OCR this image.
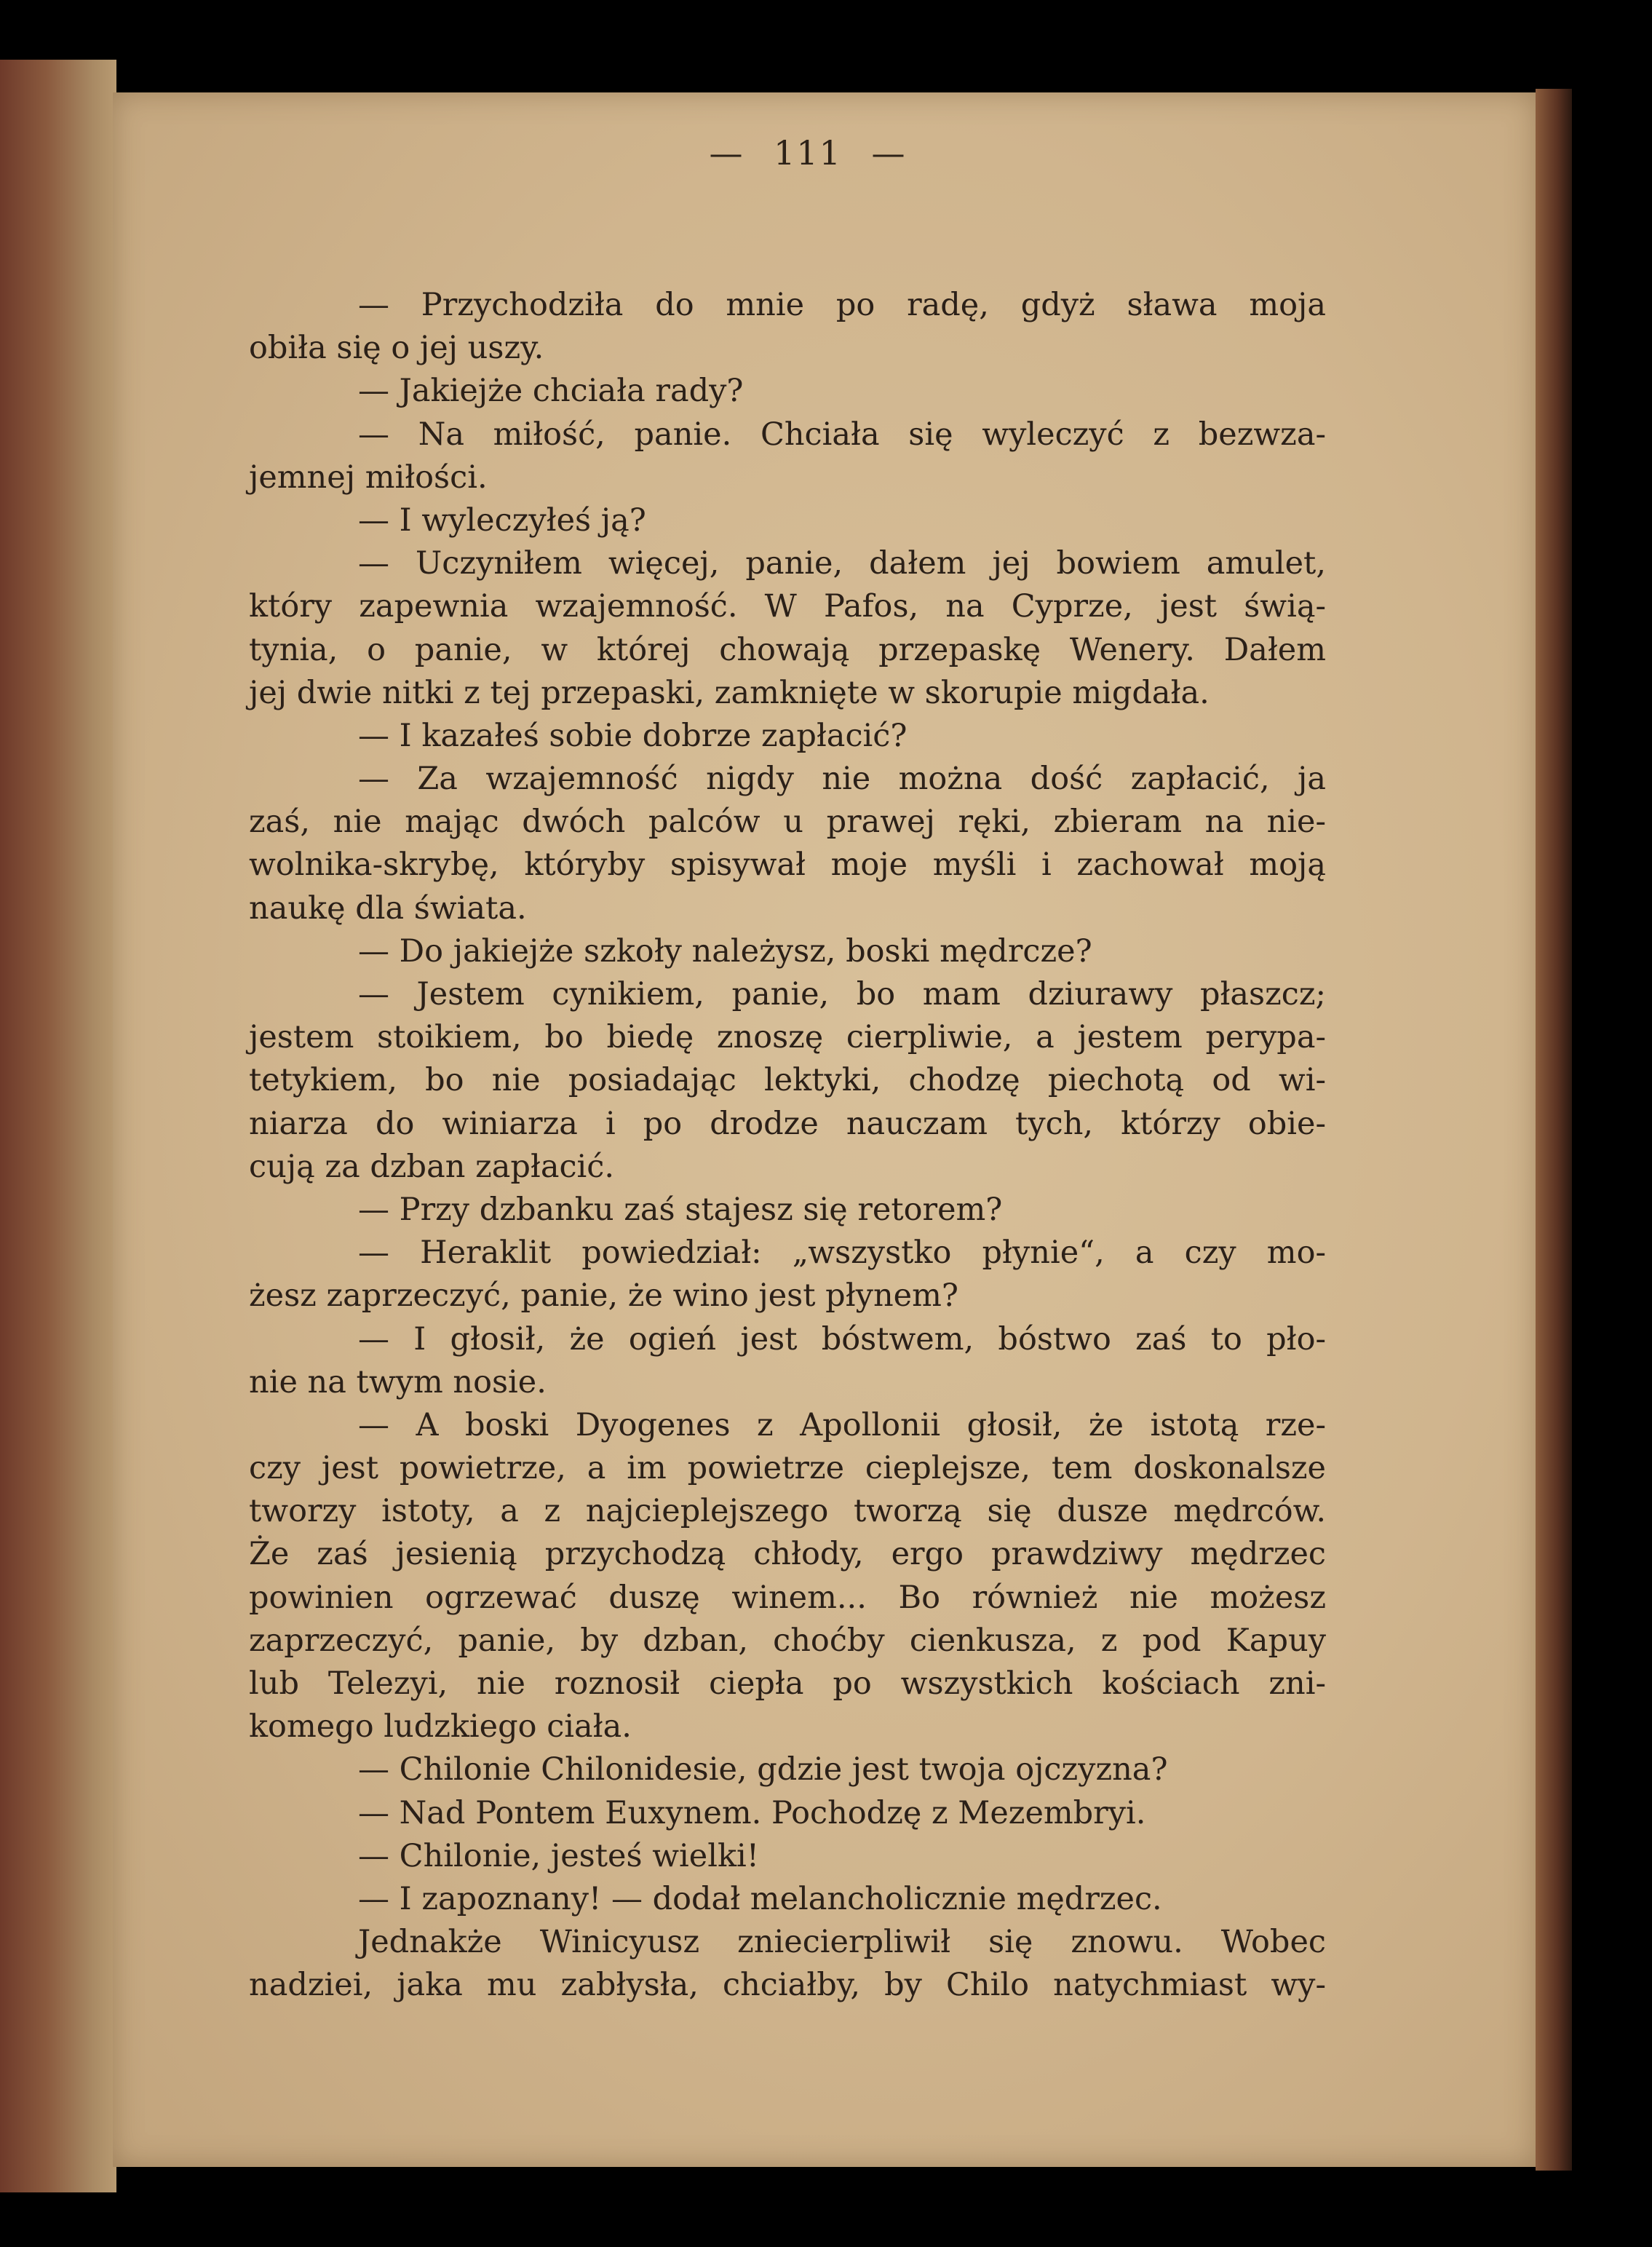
— 111 —
— Przychodziła do mnie po radę, gdyż sława moja
obiła się o jej uszy.
— Jakiejże chciała rady?
— Na miłość, panie. Chciała się wyleczyć z bezwza-
jemnej miłości.
— I wyleczyłeś ją?
— Uczyniłem więcej, panie, dałem jej bowiem amulet,
który zapewnia wzajemność. W Pafos, na Cyprze, jest świą-
tynia, o panie, w której chowają przepaskę Wenery. Dałem
jej dwie nitki z tej przepaski, zamknięte w skorupie migdała.
— I kazałeś sobie dobrze zapłacić?
— Za wzajemność nigdy nie można dość zapłacić, ja
zaś, nie mając dwóch palców u prawej ręki, zbieram na nie-
wolnika-skrybę, któryby spisywał moje myśli i zachował moją
naukę dla świata.
— Do jakiejże szkoły należysz, boski mędrcze?
— Jestem cynikiem, panie, bo mam dziurawy płaszcz;
jestem stoikiem, bo biedę znoszę cierpliwie, a jestem perypa-
tetykiem, bo nie posiadając lektyki, chodzę piechotą od wi-
niarza do winiarza i po drodze nauczam tych, którzy obie-
cują za dzban zapłacić.
— Przy dzbanku zaś stajesz się retorem?
— Heraklit powiedział: „wszystko płynie“, a czy mo-
żesz zaprzeczyć, panie, że wino jest płynem?
— I głosił, że ogień jest bóstwem, bóstwo zaś to pło-
nie na twym nosie.
— A boski Dyogenes z Apollonii głosił, że istotą rze-
czy jest powietrze, a im powietrze cieplejsze, tem doskonalsze
tworzy istoty, a z najcieplejszego tworzą się dusze mędrców.
Że zaś jesienią przychodzą chłody, ergo prawdziwy mędrzec
powinien ogrzewać duszę winem... Bo również nie możesz
zaprzeczyć, panie, by dzban, choćby cienkusza, z pod Kapuy
lub Telezyi, nie roznosił ciepła po wszystkich kościach zni-
komego ludzkiego ciała.
— Chilonie Chilonidesie, gdzie jest twoja ojczyzna?
— Nad Pontem Euxynem. Pochodzę z Mezembryi.
— Chilonie, jesteś wielki!
— I zapoznany! — dodał melancholicznie mędrzec.
Jednakże Winicyusz zniecierpliwił się znowu. Wobec
nadziei, jaka mu zabłysła, chciałby, by Chilo natychmiast wy-
